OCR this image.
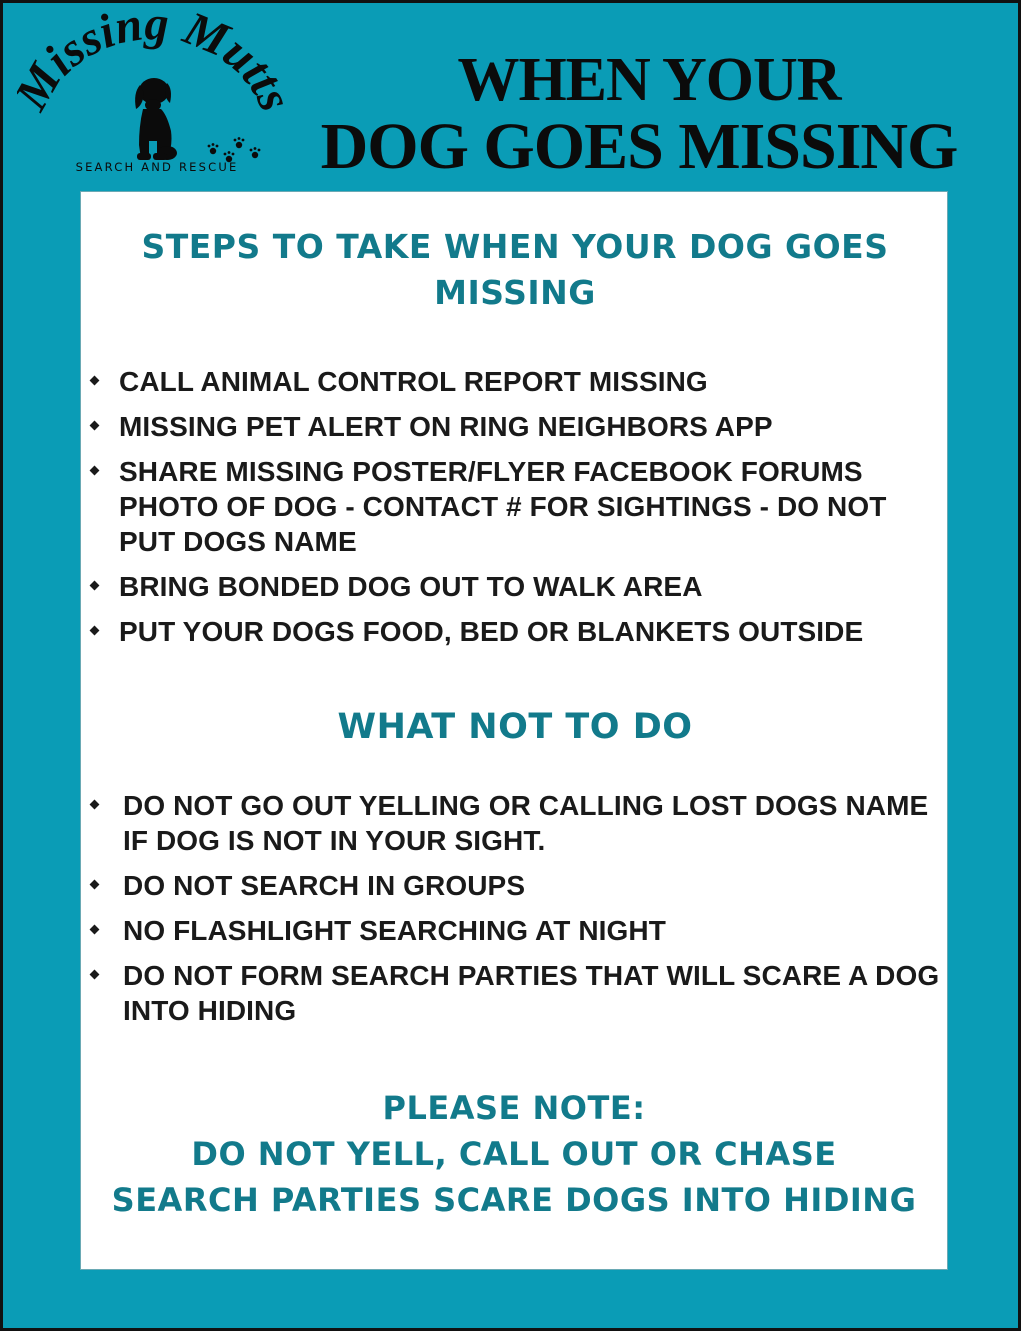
issing Mutt
SEARCH AND RESCUE
WHEN YOUR
DOG GOES MISSING
STEPS TO TAKE WHEN YOUR DOG GOES MISSING
CALL ANIMAL CONTROL REPORT MISSING
MISSING PET ALERT ON RING NEIGHBORS APP
SHARE MISSING POSTER/FLYER FACEBOOK FORUMS PHOTO OF DOG - CONTACT # FOR SIGHTINGS - DO NOT PUT DOGS NAME
BRING BONDED DOG OUT TO WALK AREA
PUT YOUR DOGS FOOD, BED OR BLANKETS OUTSIDE
WHAT NOT TO DO
DO NOT GO OUT YELLING OR CALLING LOST DOGS NAME IF DOG IS NOT IN YOUR SIGHT.
DO NOT SEARCH IN GROUPS
NO FLASHLIGHT SEARCHING AT NIGHT
DO NOT FORM SEARCH PARTIES THAT WILL SCARE A DOG INTO HIDING
PLEASE NOTE:
DO NOT YELL, CALL OUT OR CHASE
SEARCH PARTIES SCARE DOGS INTO HIDING
